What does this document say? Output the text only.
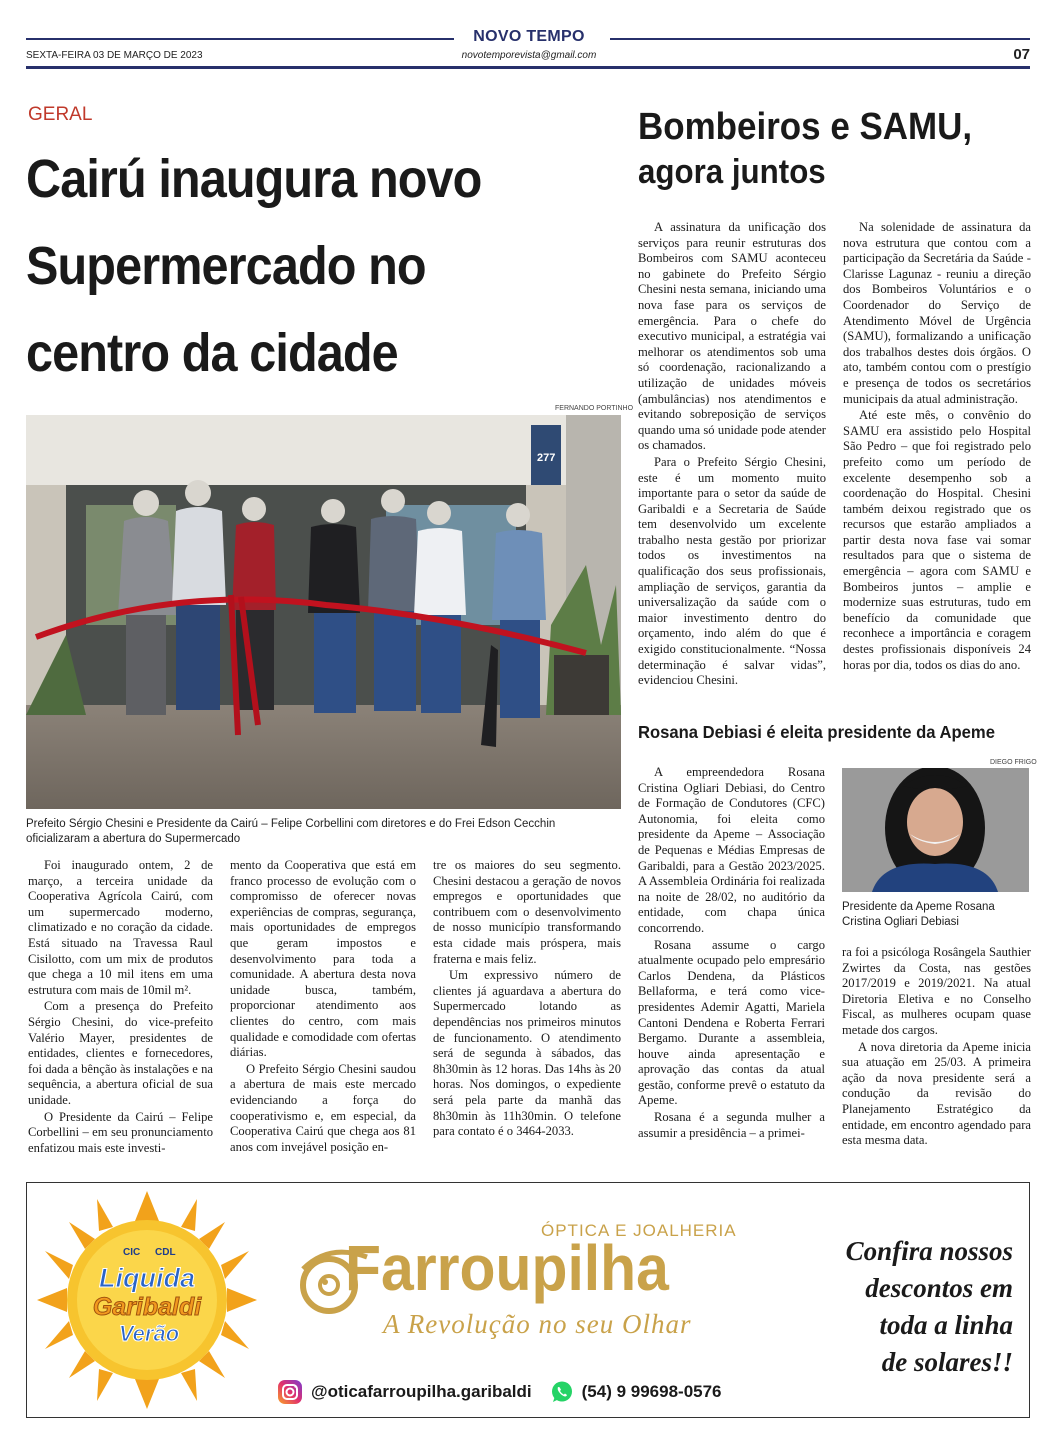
NOVO TEMPO
SEXTA-FEIRA 03 DE MARÇO DE 2023	novotemporevista@gmail.com	07
GERAL
Cairú inaugura novo
Supermercado no
centro da cidade
FERNANDO PORTINHO
277
Prefeito Sérgio Chesini e Presidente da Cairú – Felipe Corbellini com diretores e do Frei Edson Cecchin oficializaram a abertura do Supermercado

Foi inaugurado ontem, 2 de março, a terceira unidade da Cooperativa Agrícola Cairú, com um supermercado moderno, climatizado e no coração da cidade. Está situado na Travessa Raul Cisilotto, com um mix de produtos que chega a 10 mil itens em uma estrutura com mais de 10mil m².

Com a presença do Prefeito Sérgio Chesini, do vice-prefeito Valério Mayer, presidentes de entidades, clientes e fornecedores, foi dada a bênção às instalações e na sequência, a abertura oficial de sua unidade.

O Presidente da Cairú – Felipe Corbellini – em seu pronunciamento enfatizou mais este investi-

mento da Cooperativa que está em franco processo de evolução com o compromisso de oferecer novas experiências de compras, segurança, mais oportunidades de empregos que geram impostos e desenvolvimento para toda a comunidade. A abertura desta nova unidade busca, também, proporcionar atendimento aos clientes do centro, com mais qualidade e comodidade com ofertas diárias.

O Prefeito Sérgio Chesini saudou a abertura de mais este mercado evidenciando a força do cooperativismo e, em especial, da Cooperativa Cairú que chega aos 81 anos com invejável posição en-

tre os maiores do seu segmento. Chesini destacou a geração de novos empregos e oportunidades que contribuem com o desenvolvimento de nosso município transformando esta cidade mais próspera, mais fraterna e mais feliz.

Um expressivo número de clientes já aguardava a abertura do Supermercado lotando as dependências nos primeiros minutos de funcionamento. O atendimento será de segunda à sábados, das 8h30min às 12 horas. Das 14hs às 20 horas. Nos domingos, o expediente será pela parte da manhã das 8h30min às 11h30min. O telefone para contato é o 3464-2033.

Bombeiros e SAMU,
agora juntos

A assinatura da unificação dos serviços para reunir estruturas dos Bombeiros com SAMU aconteceu no gabinete do Prefeito Sérgio Chesini nesta semana, iniciando uma nova fase para os serviços de emergência. Para o chefe do executivo municipal, a estratégia vai melhorar os atendimentos sob uma só coordenação, racionalizando a utilização de unidades móveis (ambulâncias) nos atendimentos e evitando sobreposição de serviços quando uma só unidade pode atender os chamados.

Para o Prefeito Sérgio Chesini, este é um momento muito importante para o setor da saúde de Garibaldi e a Secretaria de Saúde tem desenvolvido um excelente trabalho nesta gestão por priorizar todos os investimentos na qualificação dos seus profissionais, ampliação de serviços, garantia da universalização da saúde com o maior investimento dentro do orçamento, indo além do que é exigido constitucionalmente. “Nossa determinação é salvar vidas”, evidenciou Chesini.

Na solenidade de assinatura da nova estrutura que contou com a participação da Secretária da Saúde - Clarisse Lagunaz - reuniu a direção dos Bombeiros Voluntários e o Coordenador do Serviço de Atendimento Móvel de Urgência (SAMU), formalizando a unificação dos trabalhos destes dois órgãos. O ato, também contou com o prestígio e presença de todos os secretários municipais da atual administração.

Até este mês, o convênio do SAMU era assistido pelo Hospital São Pedro – que foi registrado pelo prefeito como um período de excelente desempenho sob a coordenação do Hospital. Chesini também deixou registrado que os recursos que estarão ampliados a partir desta nova fase vai somar resultados para que o sistema de emergência – agora com SAMU e Bombeiros juntos – amplie e modernize suas estruturas, tudo em benefício da comunidade que reconhece a importância e coragem destes profissionais disponíveis 24 horas por dia, todos os dias do ano.

Rosana Debiasi é eleita presidente da Apeme
DIEGO FRIGO
Presidente da Apeme Rosana Cristina Ogliari Debiasi

A empreendedora Rosana Cristina Ogliari Debiasi, do Centro de Formação de Condutores (CFC) Autonomia, foi eleita como presidente da Apeme – Associação de Pequenas e Médias Empresas de Garibaldi, para a Gestão 2023/2025. A Assembleia Ordinária foi realizada na noite de 28/02, no auditório da entidade, com chapa única concorrendo.

Rosana assume o cargo atualmente ocupado pelo empresário Carlos Dendena, da Plásticos Bellaforma, e terá como vice-presidentes Ademir Agatti, Mariela Cantoni Dendena e Roberta Ferrari Bergamo. Durante a assembleia, houve ainda apresentação e aprovação das contas da atual gestão, conforme prevê o estatuto da Apeme.

Rosana é a segunda mulher a assumir a presidência – a primei-

ra foi a psicóloga Rosângela Sauthier Zwirtes da Costa, nas gestões 2017/2019 e 2019/2021. Na atual Diretoria Eletiva e no Conselho Fiscal, as mulheres ocupam quase metade dos cargos.

A nova diretoria da Apeme inicia sua atuação em 25/03. A primeira ação da nova presidente será a condução da revisão do Planejamento Estratégico da entidade, em encontro agendado para esta mesma data.

CIC CDL
Liquida
Garibaldi
Verão
ÓPTICA E JOALHERIA
Farroupilha
A Revolução no seu Olhar
Confira nossos
descontos em
toda a linha
de solares!!
@oticafarroupilha.garibaldi	(54) 9 99698-0576
